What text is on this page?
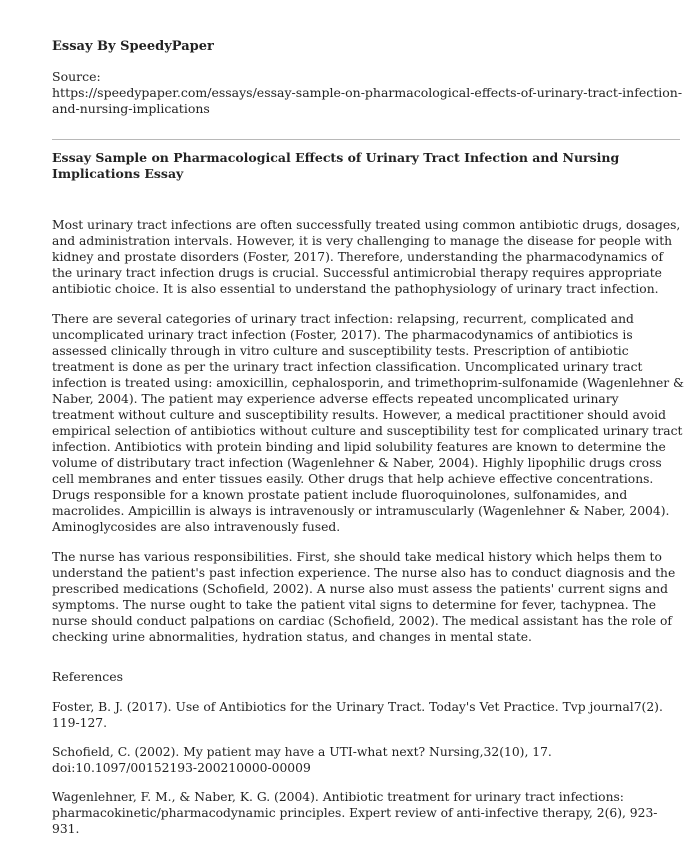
Essay By SpeedyPaper

Source:

https://speedypaper.com/essays/essay-sample-on-pharmacological-effects-of-urinary-tract-infection-and-nursing-implications

Essay Sample on Pharmacological Effects of Urinary Tract Infection and Nursing Implications Essay

Most urinary tract infections are often successfully treated using common antibiotic drugs, dosages, and administration intervals. However, it is very challenging to manage the disease for people with kidney and prostate disorders (Foster, 2017). Therefore, understanding the pharmacodynamics of the urinary tract infection drugs is crucial. Successful antimicrobial therapy requires appropriate antibiotic choice. It is also essential to understand the pathophysiology of urinary tract infection.

There are several categories of urinary tract infection: relapsing, recurrent, complicated and uncomplicated urinary tract infection (Foster, 2017). The pharmacodynamics of antibiotics is assessed clinically through in vitro culture and susceptibility tests. Prescription of antibiotic treatment is done as per the urinary tract infection classification. Uncomplicated urinary tract infection is treated using: amoxicillin, cephalosporin, and trimethoprim-sulfonamide (Wagenlehner & Naber, 2004). The patient may experience adverse effects repeated uncomplicated urinary treatment without culture and susceptibility results. However, a medical practitioner should avoid empirical selection of antibiotics without culture and susceptibility test for complicated urinary tract infection. Antibiotics with protein binding and lipid solubility features are known to determine the volume of distributary tract infection (Wagenlehner & Naber, 2004). Highly lipophilic drugs cross cell membranes and enter tissues easily. Other drugs that help achieve effective concentrations. Drugs responsible for a known prostate patient include fluoroquinolones, sulfonamides, and macrolides. Ampicillin is always is intravenously or intramuscularly (Wagenlehner & Naber, 2004). Aminoglycosides are also intravenously fused.

The nurse has various responsibilities. First, she should take medical history which helps them to understand the patient's past infection experience. The nurse also has to conduct diagnosis and the prescribed medications (Schofield, 2002). A nurse also must assess the patients' current signs and symptoms. The nurse ought to take the patient vital signs to determine for fever, tachypnea. The nurse should conduct palpations on cardiac (Schofield, 2002). The medical assistant has the role of checking urine abnormalities, hydration status, and changes in mental state.

References

Foster, B. J. (2017). Use of Antibiotics for the Urinary Tract. Today's Vet Practice. Tvp journal7(2). 119-127.

Schofield, C. (2002). My patient may have a UTI-what next? Nursing,32(10), 17. doi:10.1097/00152193-200210000-00009

Wagenlehner, F. M., & Naber, K. G. (2004). Antibiotic treatment for urinary tract infections: pharmacokinetic/pharmacodynamic principles. Expert review of anti-infective therapy, 2(6), 923-931.
